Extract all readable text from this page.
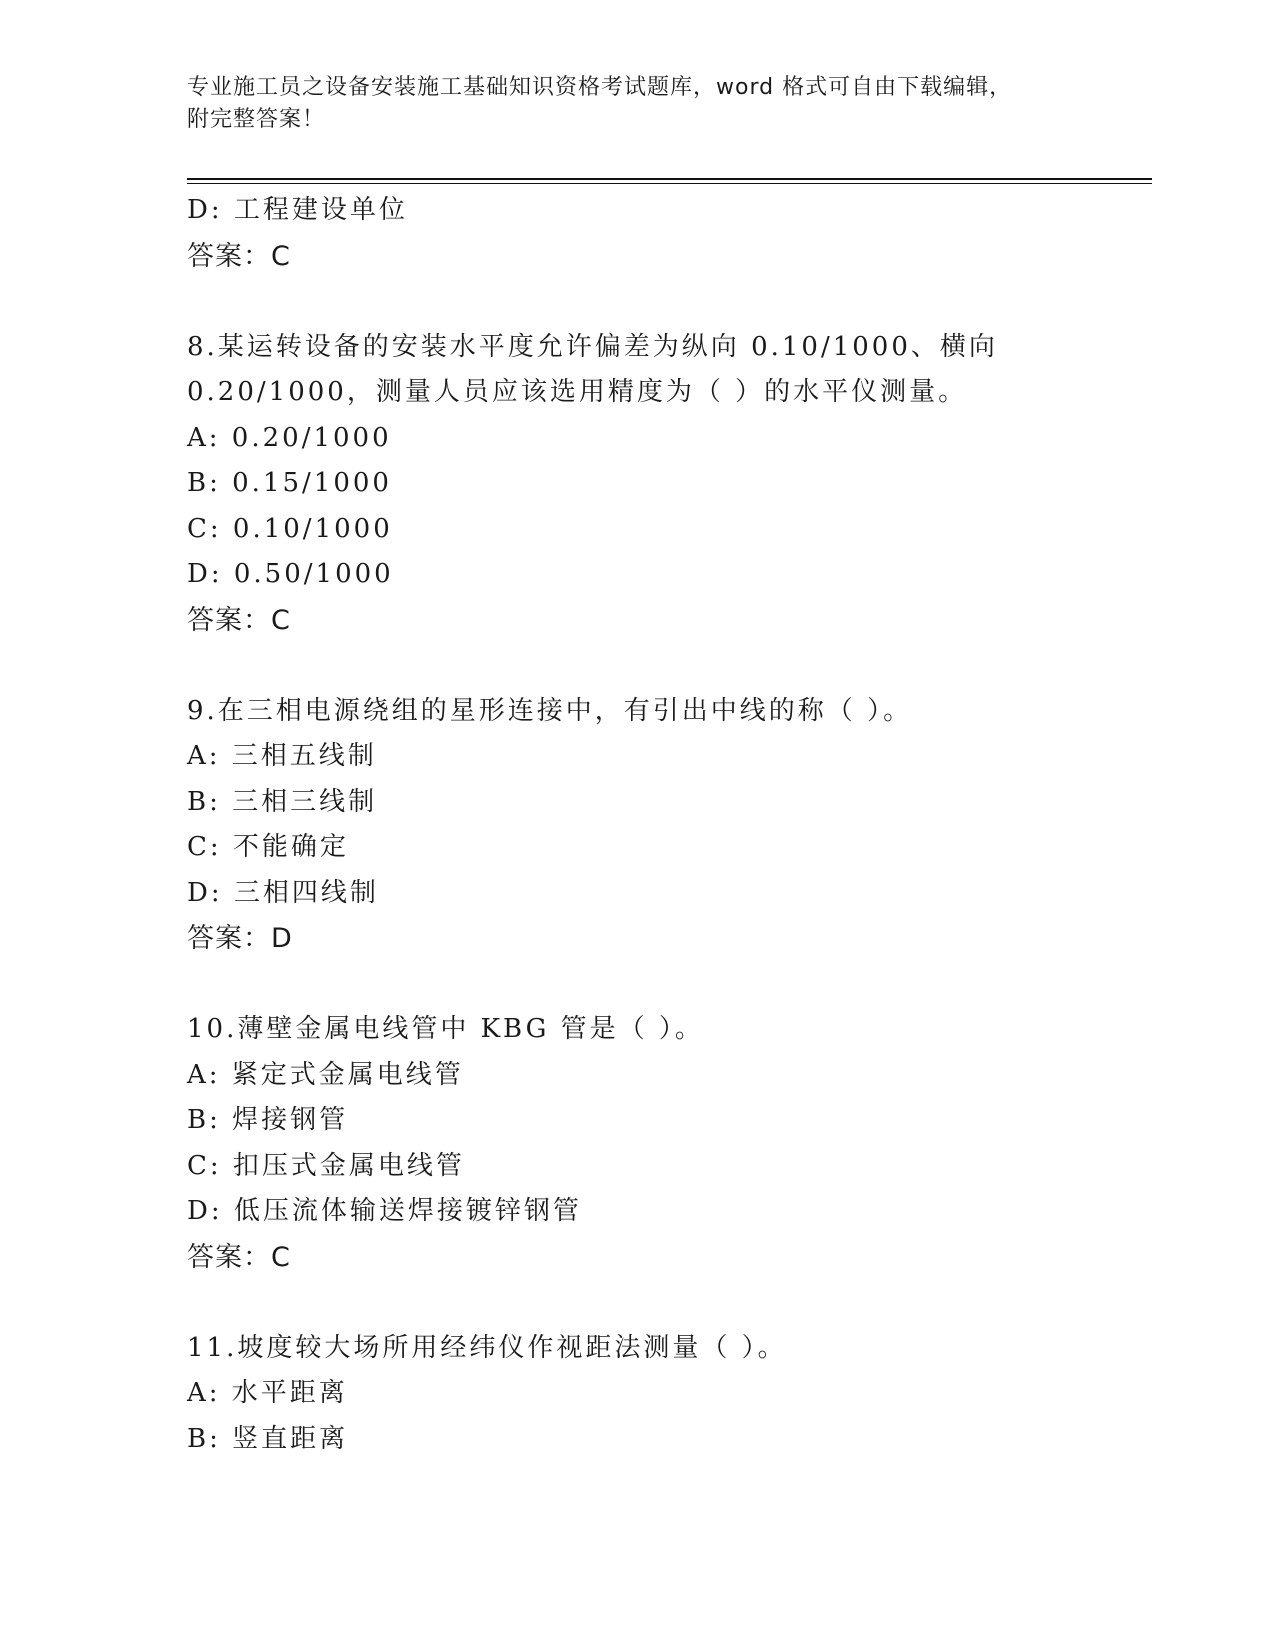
专业施工员之设备安装施工基础知识资格考试题库，word 格式可自由下载编辑，
附完整答案！
D: 工程建设单位
答案：C
8.某运转设备的安装水平度允许偏差为纵向 0.10/1000、横向
0.20/1000，测量人员应该选用精度为（ ）的水平仪测量。
A: 0.20/1000
B: 0.15/1000
C: 0.10/1000
D: 0.50/1000
答案：C
9.在三相电源绕组的星形连接中，有引出中线的称（ ）。
A: 三相五线制
B: 三相三线制
C: 不能确定
D: 三相四线制
答案：D
10.薄壁金属电线管中 KBG 管是（ ）。
A: 紧定式金属电线管
B: 焊接钢管
C: 扣压式金属电线管
D: 低压流体输送焊接镀锌钢管
答案：C
11.坡度较大场所用经纬仪作视距法测量（ ）。
A: 水平距离
B: 竖直距离
